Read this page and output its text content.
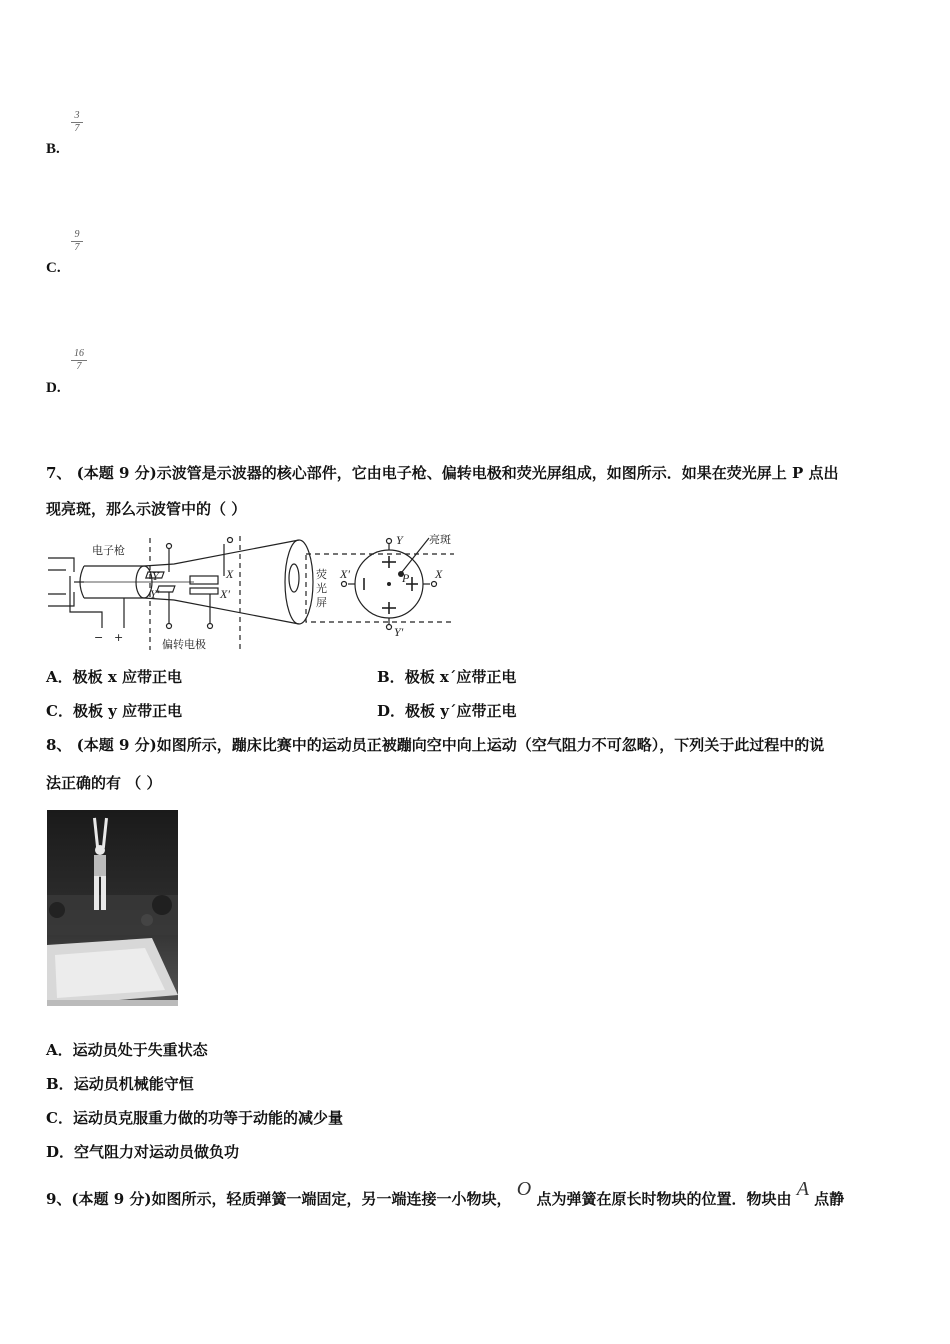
3
7
B.
9
7
C.
16
7
D.
7、 (本题 9 分)示波管是示波器的核心部件，它由电子枪、偏转电极和荧光屏组成，如图所示．如果在荧光屏上 P 点出
现亮斑，那么示波管中的（ ）
电子枪
偏转电极
荧
光
屏
亮斑
− +
Y
Y′
X
X′
Y
Y′
X′	X
P
A．极板 x 应带正电	B．极板 x´应带正电
C．极板 y 应带正电	D．极板 y´应带正电
8、 (本题 9 分)如图所示，蹦床比赛中的运动员正被蹦向空中向上运动（空气阻力不可忽略），下列关于此过程中的说
法正确的有 （ ）
A．运动员处于失重状态
B．运动员机械能守恒
C．运动员克服重力做的功等于动能的减少量
D．空气阻力对运动员做负功
9、(本题 9 分)如图所示，轻质弹簧一端固定，另一端连接一小物块， O 点为弹簧在原长时物块的位置．物块由 A 点静
